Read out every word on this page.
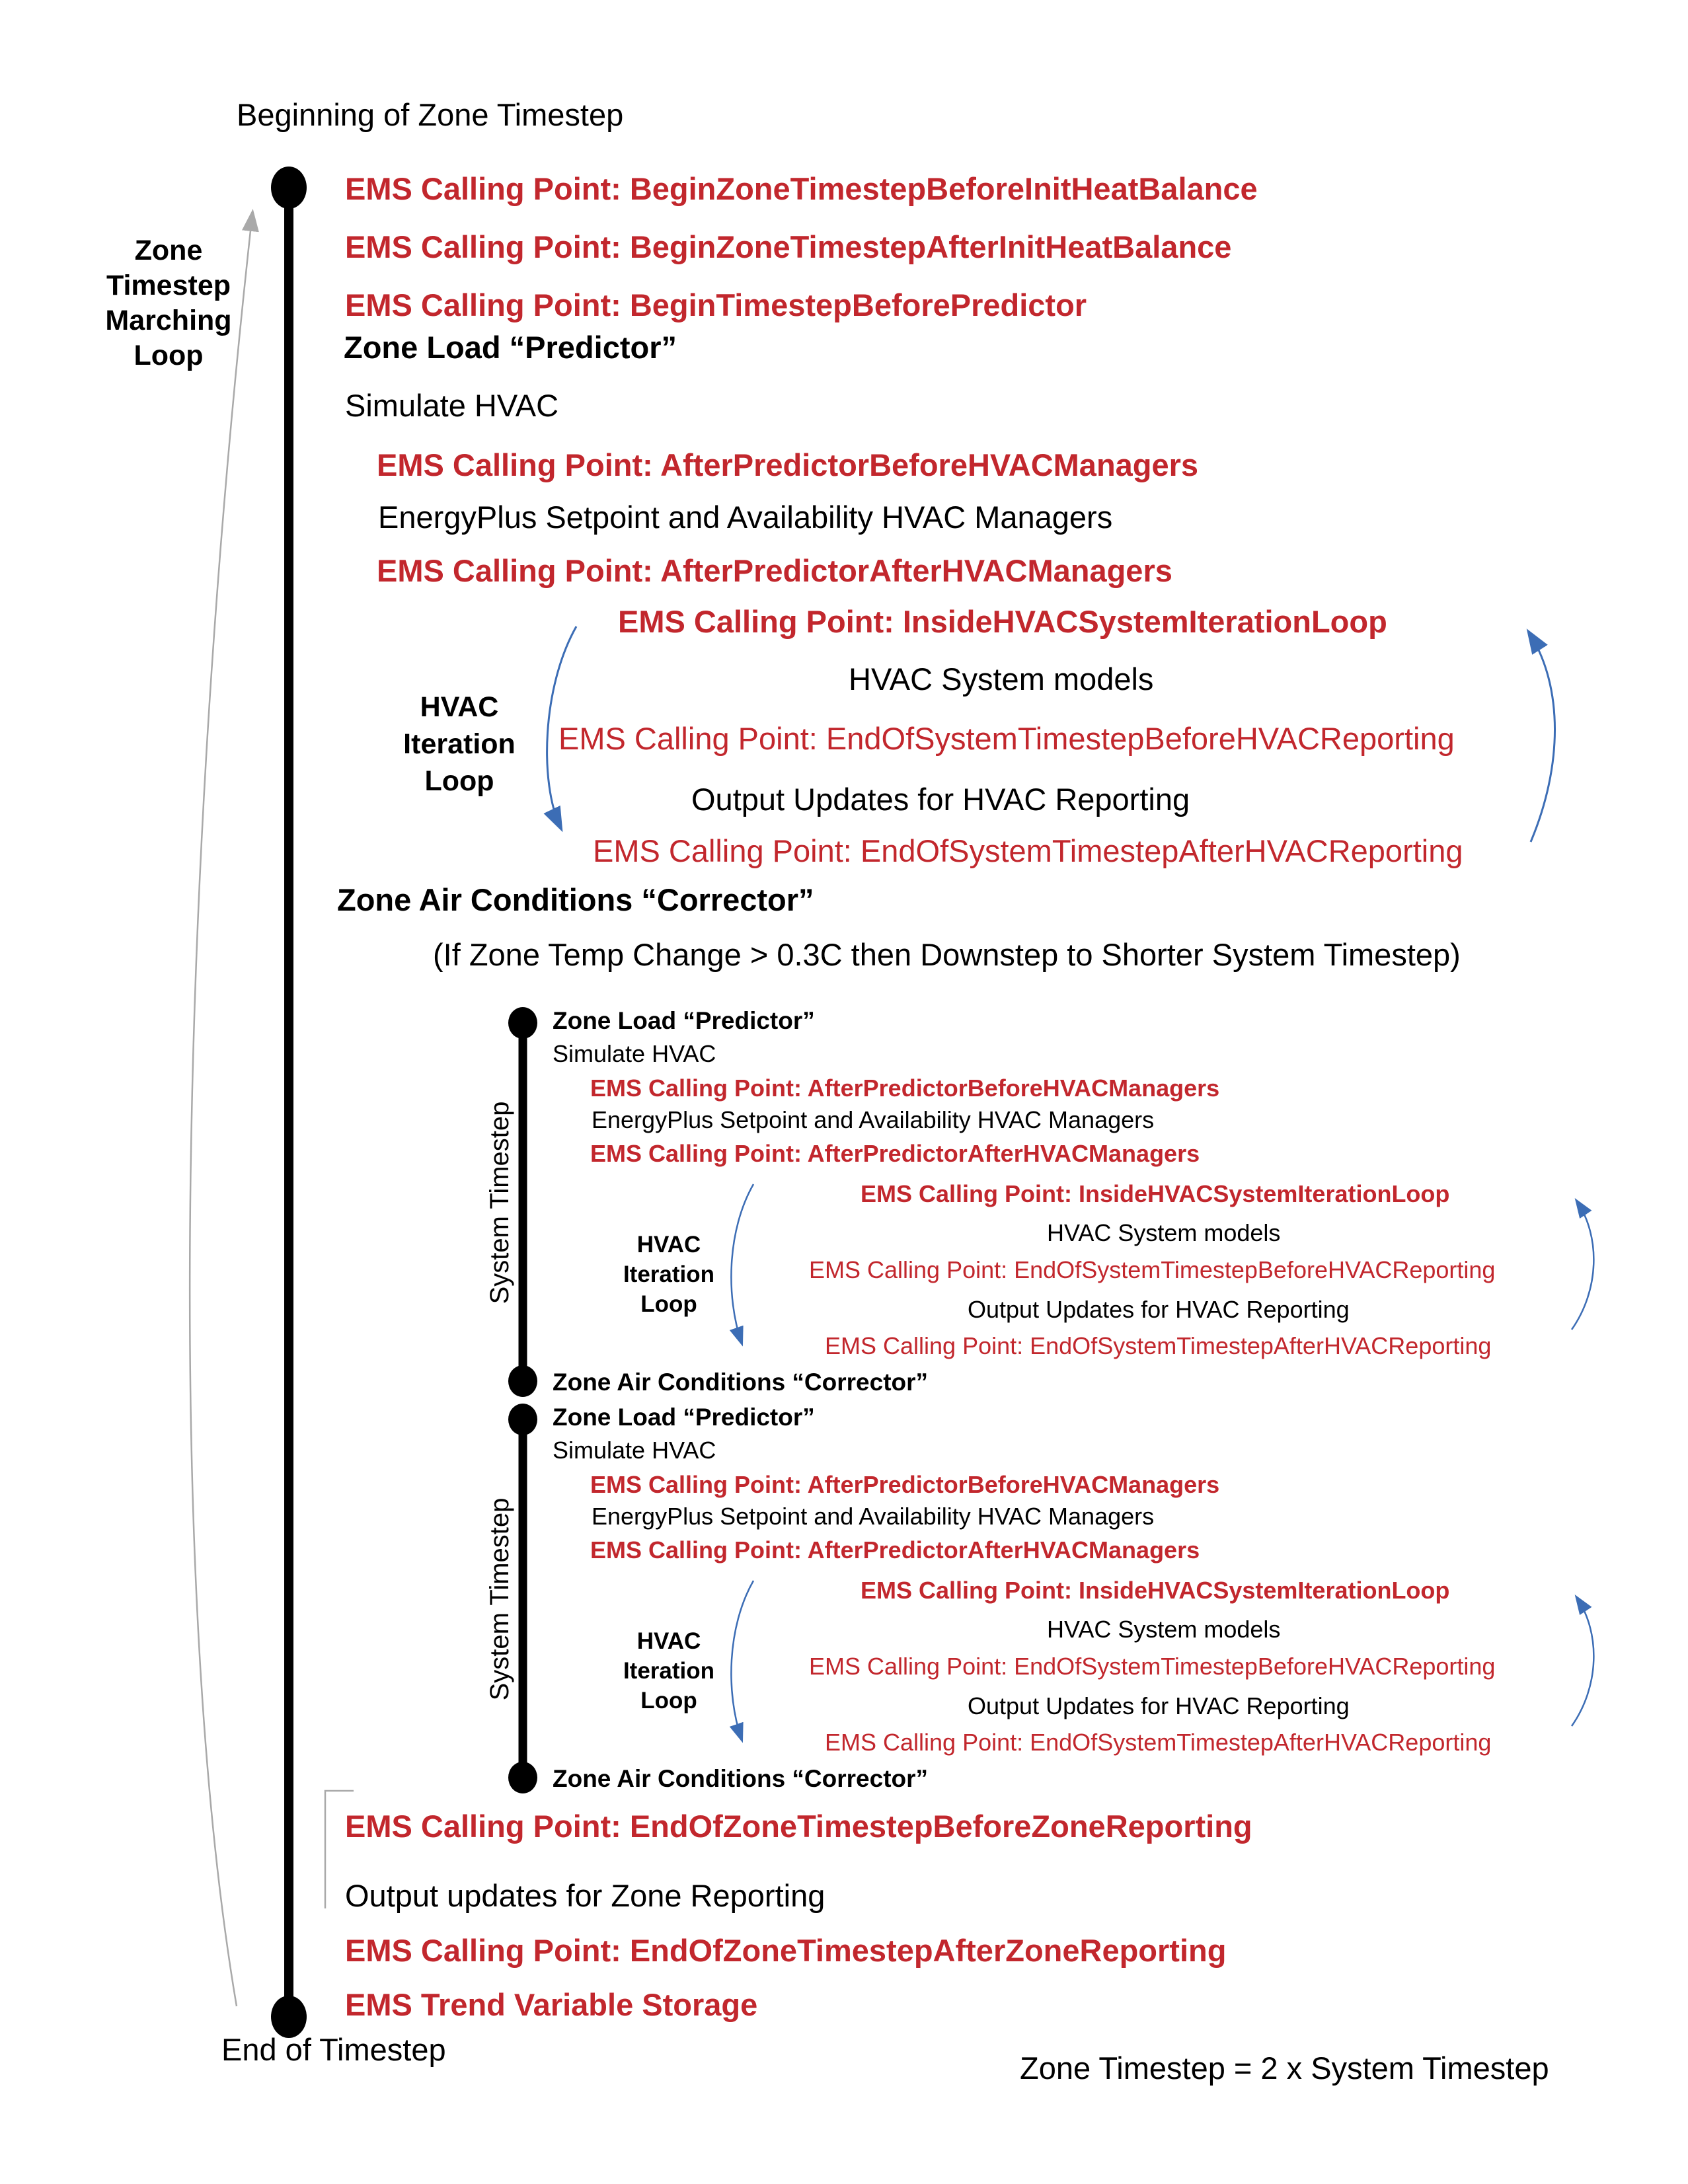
Beginning of Zone Timestep
Zone
Timestep
Marching
Loop
HVAC
Iteration
Loop
EMS Calling Point: BeginZoneTimestepBeforeInitHeatBalance
EMS Calling Point: BeginZoneTimestepAfterInitHeatBalance
EMS Calling Point: BeginTimestepBeforePredictor
Zone Load “Predictor”
Simulate HVAC
EMS Calling Point: AfterPredictorBeforeHVACManagers
EnergyPlus Setpoint and Availability HVAC Managers
EMS Calling Point: AfterPredictorAfterHVACManagers
EMS Calling Point: InsideHVACSystemIterationLoop
HVAC System models
EMS Calling Point: EndOfSystemTimestepBeforeHVACReporting
Output Updates for HVAC Reporting
EMS Calling Point: EndOfSystemTimestepAfterHVACReporting
Zone Air Conditions “Corrector”
(If Zone Temp Change > 0.3C then Downstep to Shorter System Timestep)
EMS Calling Point: EndOfZoneTimestepBeforeZoneReporting
Output updates for Zone Reporting
EMS Calling Point: EndOfZoneTimestepAfterZoneReporting
EMS Trend Variable Storage
Zone Load “Predictor”
Simulate HVAC
EMS Calling Point: AfterPredictorBeforeHVACManagers
EnergyPlus Setpoint and Availability HVAC Managers
EMS Calling Point: AfterPredictorAfterHVACManagers
EMS Calling Point: InsideHVACSystemIterationLoop
HVAC System models
EMS Calling Point: EndOfSystemTimestepBeforeHVACReporting
Output Updates for HVAC Reporting
EMS Calling Point: EndOfSystemTimestepAfterHVACReporting
Zone Air Conditions “Corrector”
HVAC
Iteration
Loop
System Timestep
Zone Load “Predictor”
Simulate HVAC
EMS Calling Point: AfterPredictorBeforeHVACManagers
EnergyPlus Setpoint and Availability HVAC Managers
EMS Calling Point: AfterPredictorAfterHVACManagers
EMS Calling Point: InsideHVACSystemIterationLoop
HVAC System models
EMS Calling Point: EndOfSystemTimestepBeforeHVACReporting
Output Updates for HVAC Reporting
EMS Calling Point: EndOfSystemTimestepAfterHVACReporting
Zone Air Conditions “Corrector”
HVAC
Iteration
Loop
System Timestep
End of Timestep
Zone Timestep = 2 x System Timestep
